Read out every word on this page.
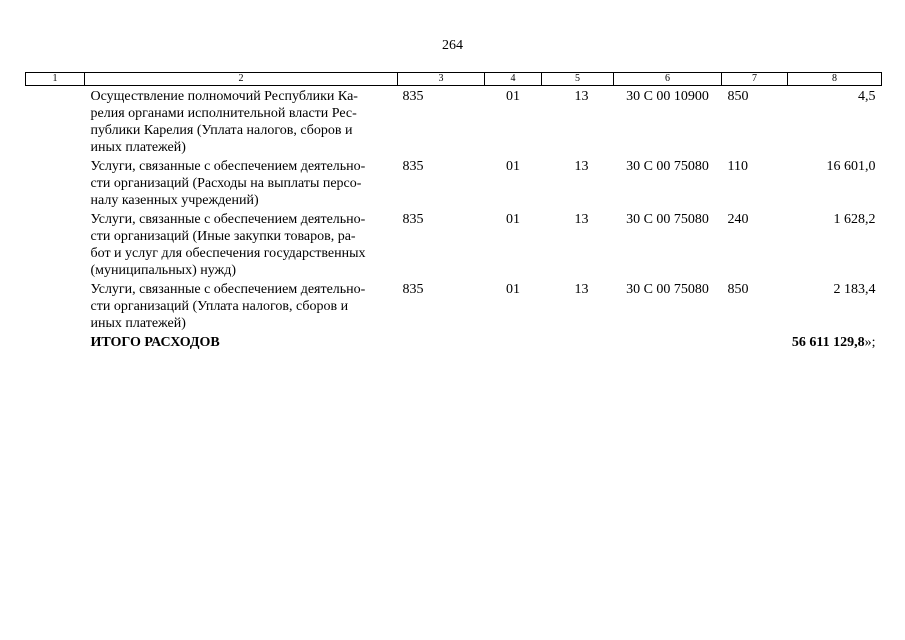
264
1	2	3	4	5	6	7	8

	Осуществление полномочий Республики Ка-
релия органами исполнительной власти Рес-
публики Карелия (Уплата налогов, сборов и
иных платежей)	835	01	13	30 С 00 10900	850	4,5

	Услуги, связанные с обеспечением деятельно-
сти организаций (Расходы на выплаты персо-
налу казенных учреждений)	835	01	13	30 С 00 75080	110	16 601,0

	Услуги, связанные с обеспечением деятельно-
сти организаций (Иные закупки товаров, ра-
бот и услуг для обеспечения государственных
(муниципальных) нужд)	835	01	13	30 С 00 75080	240	1 628,2

	Услуги, связанные с обеспечением деятельно-
сти организаций (Уплата налогов, сборов и
иных платежей)	835	01	13	30 С 00 75080	850	2 183,4
	ИТОГО РАСХОДОВ						56 611 129,8»;
